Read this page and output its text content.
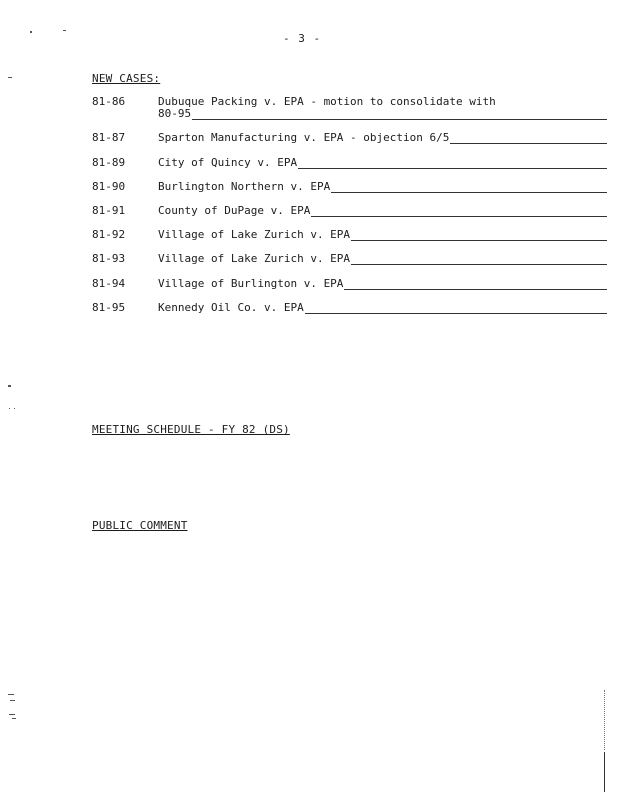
- 3 -
NEW CASES:
81-86	Dubuque Packing v. EPA - motion to consolidate with
80-95
81-87	Sparton Manufacturing v. EPA - objection 6/5
81-89	City of Quincy v. EPA
81-90	Burlington Northern v. EPA
81-91	County of DuPage v. EPA
81-92	Village of Lake Zurich v. EPA
81-93	Village of Lake Zurich v. EPA
81-94	Village of Burlington v. EPA
81-95	Kennedy Oil Co. v. EPA
MEETING SCHEDULE - FY 82 (DS)
PUBLIC COMMENT
